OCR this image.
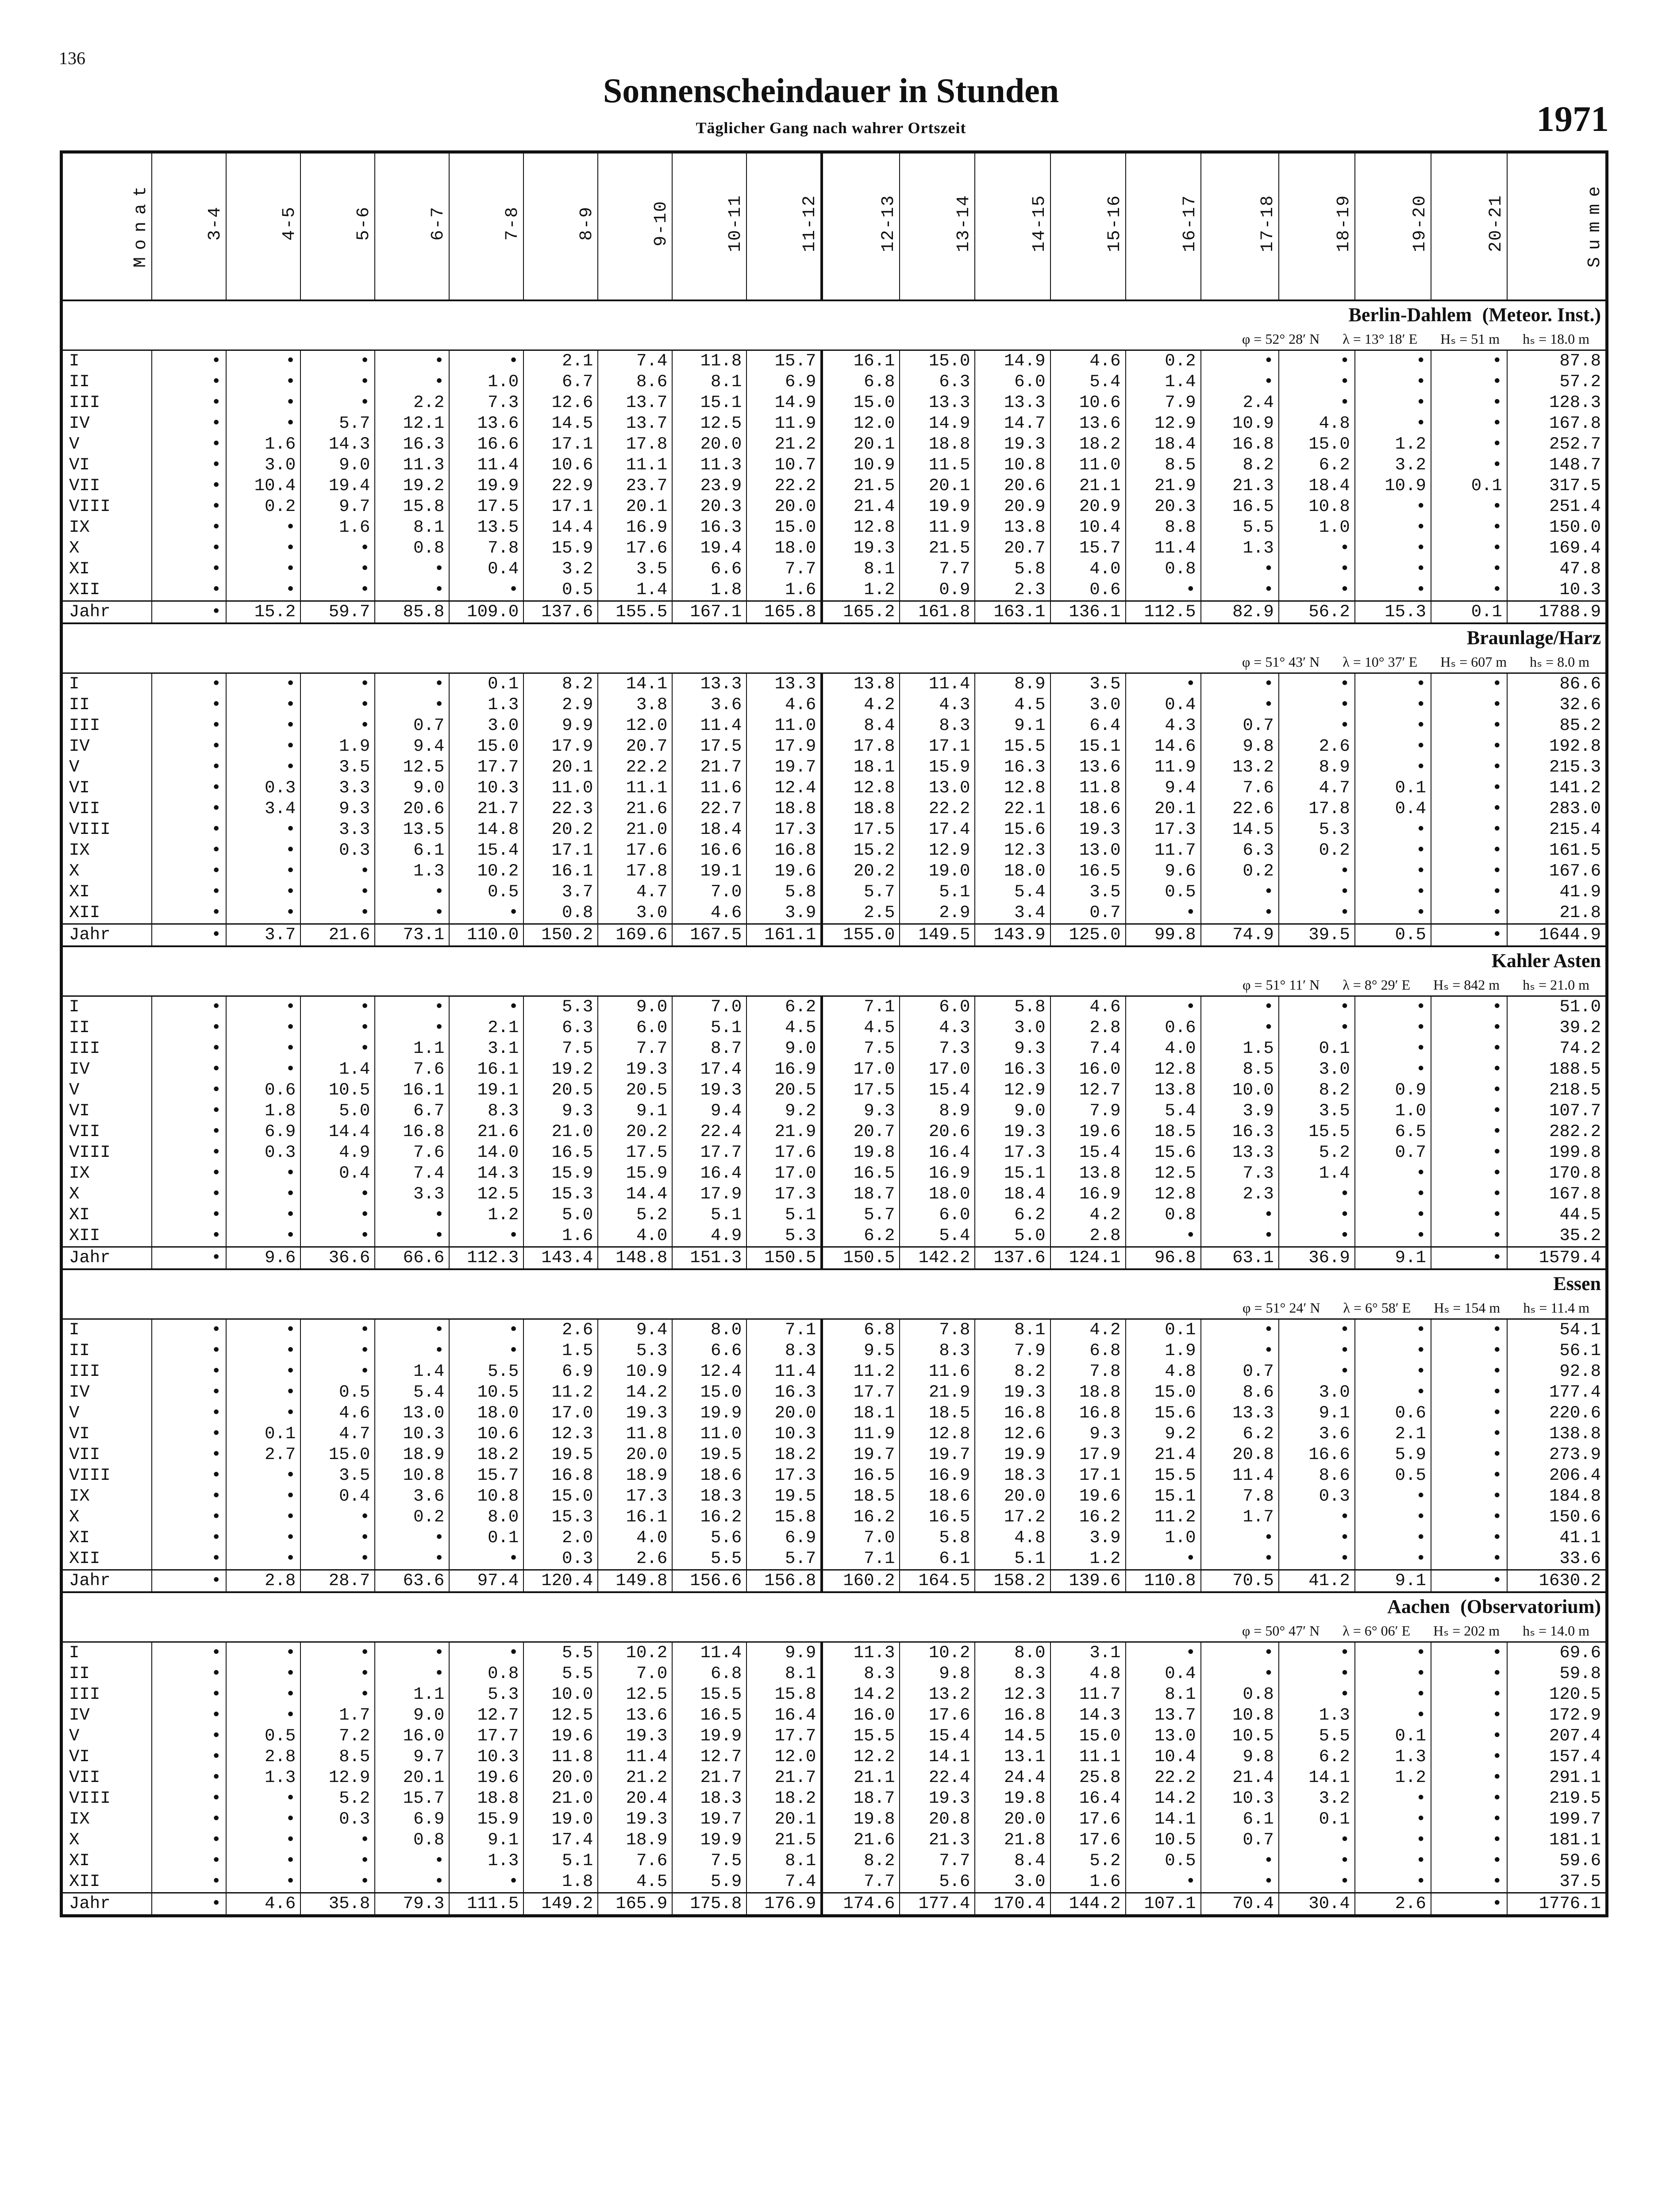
136
Sonnenscheindauer in Stunden
Täglicher Gang nach wahrer Ortszeit	1971
Monat	3-4	4-5	5-6	6-7	7-8	8-9	9-10	10-11	11-12	12-13	13-14	14-15	15-16	16-17	17-18	18-19	19-20	20-21	Summe
Berlin-Dahlem (Meteor. Inst.)																			
φ = 52° 28′ N λ = 13° 18′ E Hₛ = 51 m hₛ = 18.0 m																			
I	•	•	•	•	•	2.1	7.4	11.8	15.7	16.1	15.0	14.9	4.6	0.2	•	•	•	•	87.8
II	•	•	•	•	1.0	6.7	8.6	8.1	6.9	6.8	6.3	6.0	5.4	1.4	•	•	•	•	57.2
III	•	•	•	2.2	7.3	12.6	13.7	15.1	14.9	15.0	13.3	13.3	10.6	7.9	2.4	•	•	•	128.3
IV	•	•	5.7	12.1	13.6	14.5	13.7	12.5	11.9	12.0	14.9	14.7	13.6	12.9	10.9	4.8	•	•	167.8
V	•	1.6	14.3	16.3	16.6	17.1	17.8	20.0	21.2	20.1	18.8	19.3	18.2	18.4	16.8	15.0	1.2	•	252.7
VI	•	3.0	9.0	11.3	11.4	10.6	11.1	11.3	10.7	10.9	11.5	10.8	11.0	8.5	8.2	6.2	3.2	•	148.7
VII	•	10.4	19.4	19.2	19.9	22.9	23.7	23.9	22.2	21.5	20.1	20.6	21.1	21.9	21.3	18.4	10.9	0.1	317.5
VIII	•	0.2	9.7	15.8	17.5	17.1	20.1	20.3	20.0	21.4	19.9	20.9	20.9	20.3	16.5	10.8	•	•	251.4
IX	•	•	1.6	8.1	13.5	14.4	16.9	16.3	15.0	12.8	11.9	13.8	10.4	8.8	5.5	1.0	•	•	150.0
X	•	•	•	0.8	7.8	15.9	17.6	19.4	18.0	19.3	21.5	20.7	15.7	11.4	1.3	•	•	•	169.4
XI	•	•	•	•	0.4	3.2	3.5	6.6	7.7	8.1	7.7	5.8	4.0	0.8	•	•	•	•	47.8
XII	•	•	•	•	•	0.5	1.4	1.8	1.6	1.2	0.9	2.3	0.6	•	•	•	•	•	10.3
Jahr	•	15.2	59.7	85.8	109.0	137.6	155.5	167.1	165.8	165.2	161.8	163.1	136.1	112.5	82.9	56.2	15.3	0.1	1788.9
Braunlage/Harz																			
φ = 51° 43′ N λ = 10° 37′ E Hₛ = 607 m hₛ = 8.0 m																			
I	•	•	•	•	0.1	8.2	14.1	13.3	13.3	13.8	11.4	8.9	3.5	•	•	•	•	•	86.6
II	•	•	•	•	1.3	2.9	3.8	3.6	4.6	4.2	4.3	4.5	3.0	0.4	•	•	•	•	32.6
III	•	•	•	0.7	3.0	9.9	12.0	11.4	11.0	8.4	8.3	9.1	6.4	4.3	0.7	•	•	•	85.2
IV	•	•	1.9	9.4	15.0	17.9	20.7	17.5	17.9	17.8	17.1	15.5	15.1	14.6	9.8	2.6	•	•	192.8
V	•	•	3.5	12.5	17.7	20.1	22.2	21.7	19.7	18.1	15.9	16.3	13.6	11.9	13.2	8.9	•	•	215.3
VI	•	0.3	3.3	9.0	10.3	11.0	11.1	11.6	12.4	12.8	13.0	12.8	11.8	9.4	7.6	4.7	0.1	•	141.2
VII	•	3.4	9.3	20.6	21.7	22.3	21.6	22.7	18.8	18.8	22.2	22.1	18.6	20.1	22.6	17.8	0.4	•	283.0
VIII	•	•	3.3	13.5	14.8	20.2	21.0	18.4	17.3	17.5	17.4	15.6	19.3	17.3	14.5	5.3	•	•	215.4
IX	•	•	0.3	6.1	15.4	17.1	17.6	16.6	16.8	15.2	12.9	12.3	13.0	11.7	6.3	0.2	•	•	161.5
X	•	•	•	1.3	10.2	16.1	17.8	19.1	19.6	20.2	19.0	18.0	16.5	9.6	0.2	•	•	•	167.6
XI	•	•	•	•	0.5	3.7	4.7	7.0	5.8	5.7	5.1	5.4	3.5	0.5	•	•	•	•	41.9
XII	•	•	•	•	•	0.8	3.0	4.6	3.9	2.5	2.9	3.4	0.7	•	•	•	•	•	21.8
Jahr	•	3.7	21.6	73.1	110.0	150.2	169.6	167.5	161.1	155.0	149.5	143.9	125.0	99.8	74.9	39.5	0.5	•	1644.9
Kahler Asten																			
φ = 51° 11′ N λ = 8° 29′ E Hₛ = 842 m hₛ = 21.0 m																			
I	•	•	•	•	•	5.3	9.0	7.0	6.2	7.1	6.0	5.8	4.6	•	•	•	•	•	51.0
II	•	•	•	•	2.1	6.3	6.0	5.1	4.5	4.5	4.3	3.0	2.8	0.6	•	•	•	•	39.2
III	•	•	•	1.1	3.1	7.5	7.7	8.7	9.0	7.5	7.3	9.3	7.4	4.0	1.5	0.1	•	•	74.2
IV	•	•	1.4	7.6	16.1	19.2	19.3	17.4	16.9	17.0	17.0	16.3	16.0	12.8	8.5	3.0	•	•	188.5
V	•	0.6	10.5	16.1	19.1	20.5	20.5	19.3	20.5	17.5	15.4	12.9	12.7	13.8	10.0	8.2	0.9	•	218.5
VI	•	1.8	5.0	6.7	8.3	9.3	9.1	9.4	9.2	9.3	8.9	9.0	7.9	5.4	3.9	3.5	1.0	•	107.7
VII	•	6.9	14.4	16.8	21.6	21.0	20.2	22.4	21.9	20.7	20.6	19.3	19.6	18.5	16.3	15.5	6.5	•	282.2
VIII	•	0.3	4.9	7.6	14.0	16.5	17.5	17.7	17.6	19.8	16.4	17.3	15.4	15.6	13.3	5.2	0.7	•	199.8
IX	•	•	0.4	7.4	14.3	15.9	15.9	16.4	17.0	16.5	16.9	15.1	13.8	12.5	7.3	1.4	•	•	170.8
X	•	•	•	3.3	12.5	15.3	14.4	17.9	17.3	18.7	18.0	18.4	16.9	12.8	2.3	•	•	•	167.8
XI	•	•	•	•	1.2	5.0	5.2	5.1	5.1	5.7	6.0	6.2	4.2	0.8	•	•	•	•	44.5
XII	•	•	•	•	•	1.6	4.0	4.9	5.3	6.2	5.4	5.0	2.8	•	•	•	•	•	35.2
Jahr	•	9.6	36.6	66.6	112.3	143.4	148.8	151.3	150.5	150.5	142.2	137.6	124.1	96.8	63.1	36.9	9.1	•	1579.4
Essen																			
φ = 51° 24′ N λ = 6° 58′ E Hₛ = 154 m hₛ = 11.4 m																			
I	•	•	•	•	•	2.6	9.4	8.0	7.1	6.8	7.8	8.1	4.2	0.1	•	•	•	•	54.1
II	•	•	•	•	•	1.5	5.3	6.6	8.3	9.5	8.3	7.9	6.8	1.9	•	•	•	•	56.1
III	•	•	•	1.4	5.5	6.9	10.9	12.4	11.4	11.2	11.6	8.2	7.8	4.8	0.7	•	•	•	92.8
IV	•	•	0.5	5.4	10.5	11.2	14.2	15.0	16.3	17.7	21.9	19.3	18.8	15.0	8.6	3.0	•	•	177.4
V	•	•	4.6	13.0	18.0	17.0	19.3	19.9	20.0	18.1	18.5	16.8	16.8	15.6	13.3	9.1	0.6	•	220.6
VI	•	0.1	4.7	10.3	10.6	12.3	11.8	11.0	10.3	11.9	12.8	12.6	9.3	9.2	6.2	3.6	2.1	•	138.8
VII	•	2.7	15.0	18.9	18.2	19.5	20.0	19.5	18.2	19.7	19.7	19.9	17.9	21.4	20.8	16.6	5.9	•	273.9
VIII	•	•	3.5	10.8	15.7	16.8	18.9	18.6	17.3	16.5	16.9	18.3	17.1	15.5	11.4	8.6	0.5	•	206.4
IX	•	•	0.4	3.6	10.8	15.0	17.3	18.3	19.5	18.5	18.6	20.0	19.6	15.1	7.8	0.3	•	•	184.8
X	•	•	•	0.2	8.0	15.3	16.1	16.2	15.8	16.2	16.5	17.2	16.2	11.2	1.7	•	•	•	150.6
XI	•	•	•	•	0.1	2.0	4.0	5.6	6.9	7.0	5.8	4.8	3.9	1.0	•	•	•	•	41.1
XII	•	•	•	•	•	0.3	2.6	5.5	5.7	7.1	6.1	5.1	1.2	•	•	•	•	•	33.6
Jahr	•	2.8	28.7	63.6	97.4	120.4	149.8	156.6	156.8	160.2	164.5	158.2	139.6	110.8	70.5	41.2	9.1	•	1630.2
Aachen (Observatorium)																			
φ = 50° 47′ N λ = 6° 06′ E Hₛ = 202 m hₛ = 14.0 m																			
I	•	•	•	•	•	5.5	10.2	11.4	9.9	11.3	10.2	8.0	3.1	•	•	•	•	•	69.6
II	•	•	•	•	0.8	5.5	7.0	6.8	8.1	8.3	9.8	8.3	4.8	0.4	•	•	•	•	59.8
III	•	•	•	1.1	5.3	10.0	12.5	15.5	15.8	14.2	13.2	12.3	11.7	8.1	0.8	•	•	•	120.5
IV	•	•	1.7	9.0	12.7	12.5	13.6	16.5	16.4	16.0	17.6	16.8	14.3	13.7	10.8	1.3	•	•	172.9
V	•	0.5	7.2	16.0	17.7	19.6	19.3	19.9	17.7	15.5	15.4	14.5	15.0	13.0	10.5	5.5	0.1	•	207.4
VI	•	2.8	8.5	9.7	10.3	11.8	11.4	12.7	12.0	12.2	14.1	13.1	11.1	10.4	9.8	6.2	1.3	•	157.4
VII	•	1.3	12.9	20.1	19.6	20.0	21.2	21.7	21.7	21.1	22.4	24.4	25.8	22.2	21.4	14.1	1.2	•	291.1
VIII	•	•	5.2	15.7	18.8	21.0	20.4	18.3	18.2	18.7	19.3	19.8	16.4	14.2	10.3	3.2	•	•	219.5
IX	•	•	0.3	6.9	15.9	19.0	19.3	19.7	20.1	19.8	20.8	20.0	17.6	14.1	6.1	0.1	•	•	199.7
X	•	•	•	0.8	9.1	17.4	18.9	19.9	21.5	21.6	21.3	21.8	17.6	10.5	0.7	•	•	•	181.1
XI	•	•	•	•	1.3	5.1	7.6	7.5	8.1	8.2	7.7	8.4	5.2	0.5	•	•	•	•	59.6
XII	•	•	•	•	•	1.8	4.5	5.9	7.4	7.7	5.6	3.0	1.6	•	•	•	•	•	37.5
Jahr	•	4.6	35.8	79.3	111.5	149.2	165.9	175.8	176.9	174.6	177.4	170.4	144.2	107.1	70.4	30.4	2.6	•	1776.1
